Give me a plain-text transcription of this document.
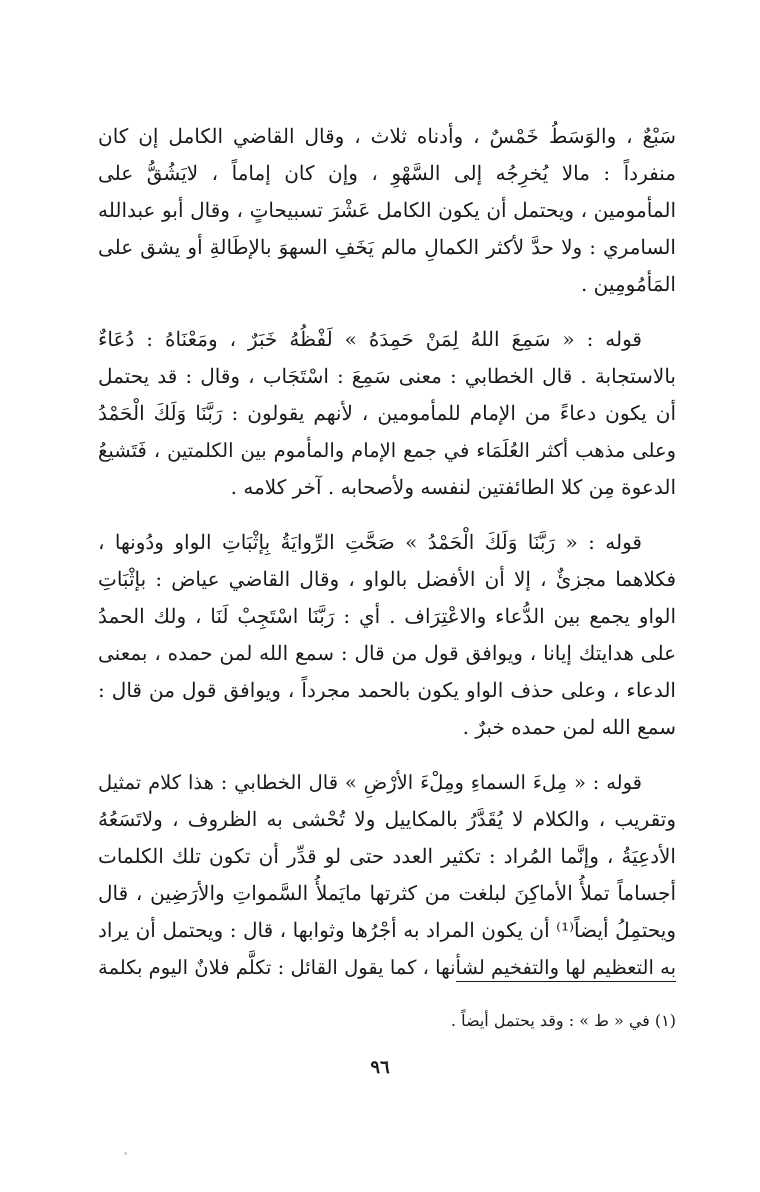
سَبْعٌ ، والوَسَطُ خَمْسٌ ، وأدناه ثلاث ، وقال القاضي الكامل إن كان
منفرداً : مالا يُخرِجُه إلى السَّهْوِ ، وإن كان إماماً ، لايَشُقُّ على
المأمومين ، ويحتمل أن يكون الكامل عَشْرَ تسبيحاتٍ ، وقال أبو عبدالله
السامري : ولا حدَّ لأكثر الكمالِ مالم يَخَفِ السهوَ بالإطَالةِ أو يشق على
المَأمُومِين .

قوله : « سَمِعَ اللهُ لِمَنْ حَمِدَهُ » لَفْظُهُ خَبَرٌ ، ومَعْنَاهُ : دُعَاءٌ
بالاستجابة . قال الخطابي : معنى سَمِعَ : اسْتَجَاب ، وقال : قد يحتمل
أن يكون دعاءً من الإمام للمأمومين ، لأنهم يقولون : رَبَّنَا وَلَكَ الْحَمْدُ
وعلى مذهب أكثر العُلَمَاء في جمع الإمام والمأموم بين الكلمتين ، فَتَشيعُ
الدعوة مِن كلا الطائفتين لنفسه ولأصحابه . آخر كلامه .

قوله : « رَبَّنَا وَلَكَ الْحَمْدُ » صَحَّتِ الرِّوايَةُ بِإثْبَاتِ الواو ودُونها ،
فكلاهما مجزئٌ ، إلا أن الأفضل بالواو ، وقال القاضي عياض : بإثْبَاتِ
الواو يجمع بين الدُّعاء والاعْتِرَاف . أي : رَبَّنَا اسْتَجِبْ لَنَا ، ولك الحمدُ
على هدايتك إيانا ، ويوافق قول من قال : سمع الله لمن حمده ، بمعنى
الدعاء ، وعلى حذف الواو يكون بالحمد مجرداً ، ويوافق قول من قال :
سمع الله لمن حمده خبرٌ .

قوله : « مِلءَ السماءِ ومِلْءَ الأرْضِ » قال الخطابي : هذا كلام تمثيل
وتقريب ، والكلام لا يُقَدَّرُ بالمكاييل ولا تُحْشى به الظروف ، ولاتَسَعُهُ
الأدعِيَةُ ، وإنَّما المُراد : تكثير العدد حتى لو قدِّر أن تكون تلك الكلمات
أجساماً تملأُ الأماكِنَ لبلغت من كثرتها مايَملأُ السَّمواتِ والأرَضِين ، قال
ويحتمِلُ أيضاً⁽¹⁾ أن يكون المراد به أجْرُها وثوابها ، قال : ويحتمل أن يراد
به التعظيم لها والتفخيم لشأنها ، كما يقول القائل : تكلَّم فلانٌ اليوم بكلمة

(١) في « ط » : وقد يحتمل أيضاً .
٩٦
